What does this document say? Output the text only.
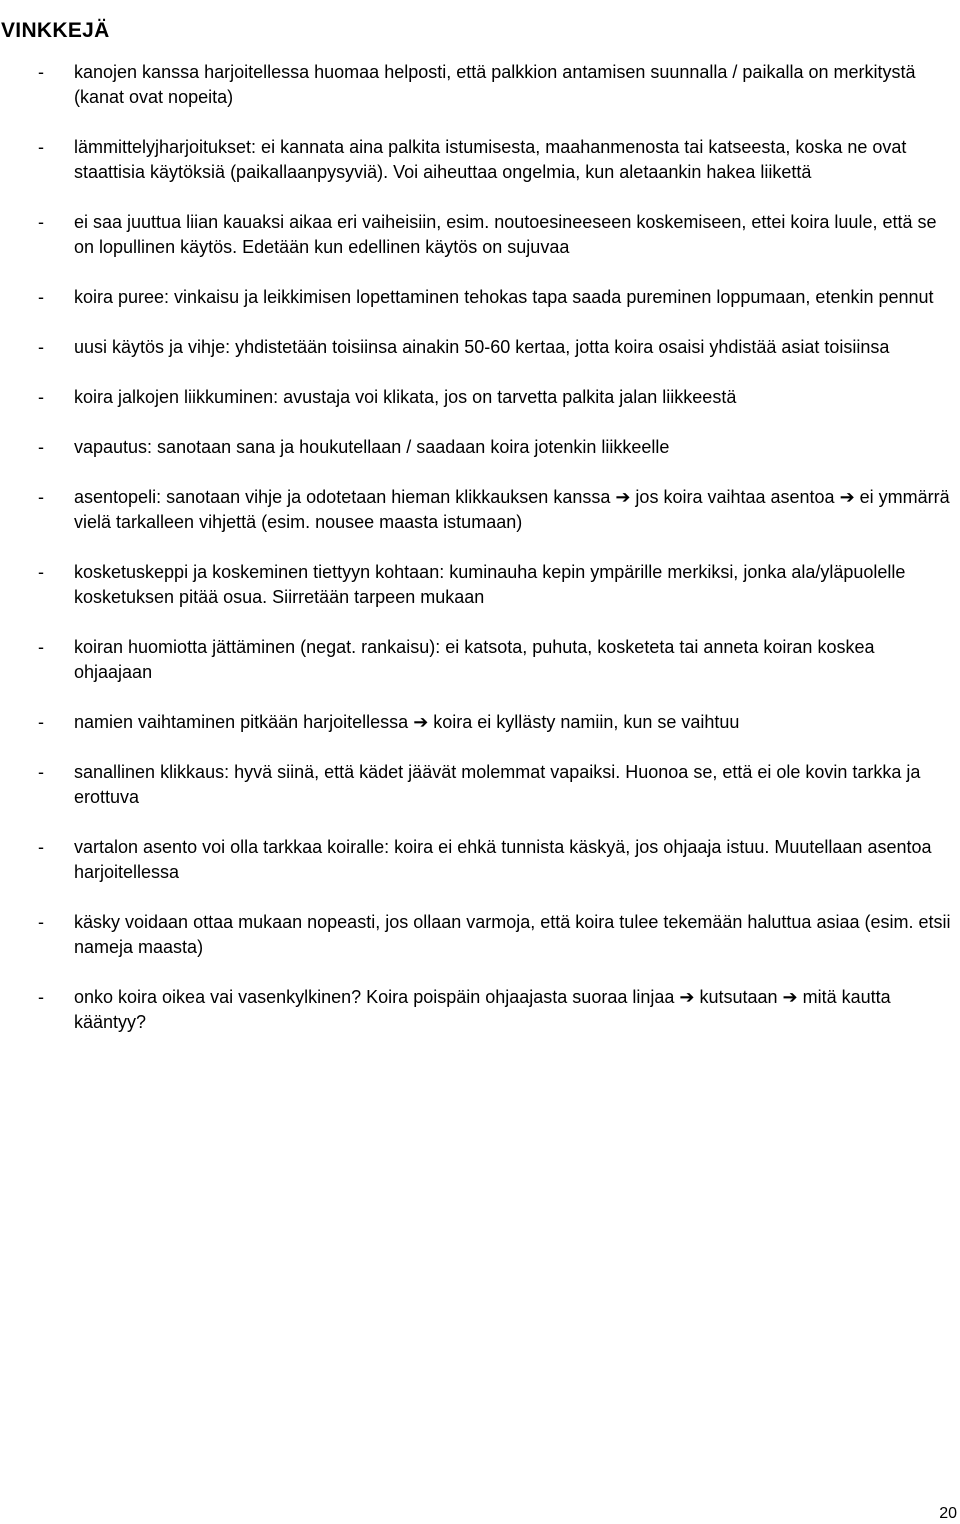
VINKKEJÄ
- kanojen kanssa harjoitellessa huomaa helposti, että palkkion antamisen suunnalla / paikalla on merkitystä (kanat ovat nopeita)
- lämmittelyjharjoitukset: ei kannata aina palkita istumisesta, maahanmenosta tai katseesta, koska ne ovat staattisia käytöksiä (paikallaanpysyviä). Voi aiheuttaa ongelmia, kun aletaankin hakea liikettä
- ei saa juuttua liian kauaksi aikaa eri vaiheisiin, esim. noutoesineeseen koskemiseen, ettei koira luule, että se on lopullinen käytös. Edetään kun edellinen käytös on sujuvaa
- koira puree: vinkaisu ja leikkimisen lopettaminen tehokas tapa saada pureminen loppumaan, etenkin pennut
- uusi käytös ja vihje: yhdistetään toisiinsa ainakin 50-60 kertaa, jotta koira osaisi yhdistää asiat toisiinsa
- koira jalkojen liikkuminen: avustaja voi klikata, jos on tarvetta palkita jalan liikkeestä
- vapautus: sanotaan sana ja houkutellaan / saadaan koira jotenkin liikkeelle
- asentopeli: sanotaan vihje ja odotetaan hieman klikkauksen kanssa ➔ jos koira vaihtaa asentoa ➔ ei ymmärrä vielä tarkalleen vihjettä (esim. nousee maasta istumaan)
- kosketuskeppi ja koskeminen tiettyyn kohtaan: kuminauha kepin ympärille merkiksi, jonka ala/yläpuolelle kosketuksen pitää osua. Siirretään tarpeen mukaan
- koiran huomiotta jättäminen (negat. rankaisu): ei katsota, puhuta, kosketeta tai anneta koiran koskea ohjaajaan
- namien vaihtaminen pitkään harjoitellessa ➔ koira ei kyllästy namiin, kun se vaihtuu
- sanallinen klikkaus: hyvä siinä, että kädet jäävät molemmat vapaiksi. Huonoa se, että ei ole kovin tarkka ja erottuva
- vartalon asento voi olla tarkkaa koiralle: koira ei ehkä tunnista käskyä, jos ohjaaja istuu. Muutellaan asentoa harjoitellessa
- käsky voidaan ottaa mukaan nopeasti, jos ollaan varmoja, että koira tulee tekemään haluttua asiaa (esim. etsii nameja maasta)
- onko koira oikea vai vasenkylkinen? Koira poispäin ohjaajasta suoraa linjaa ➔ kutsutaan ➔ mitä kautta kääntyy?
20
